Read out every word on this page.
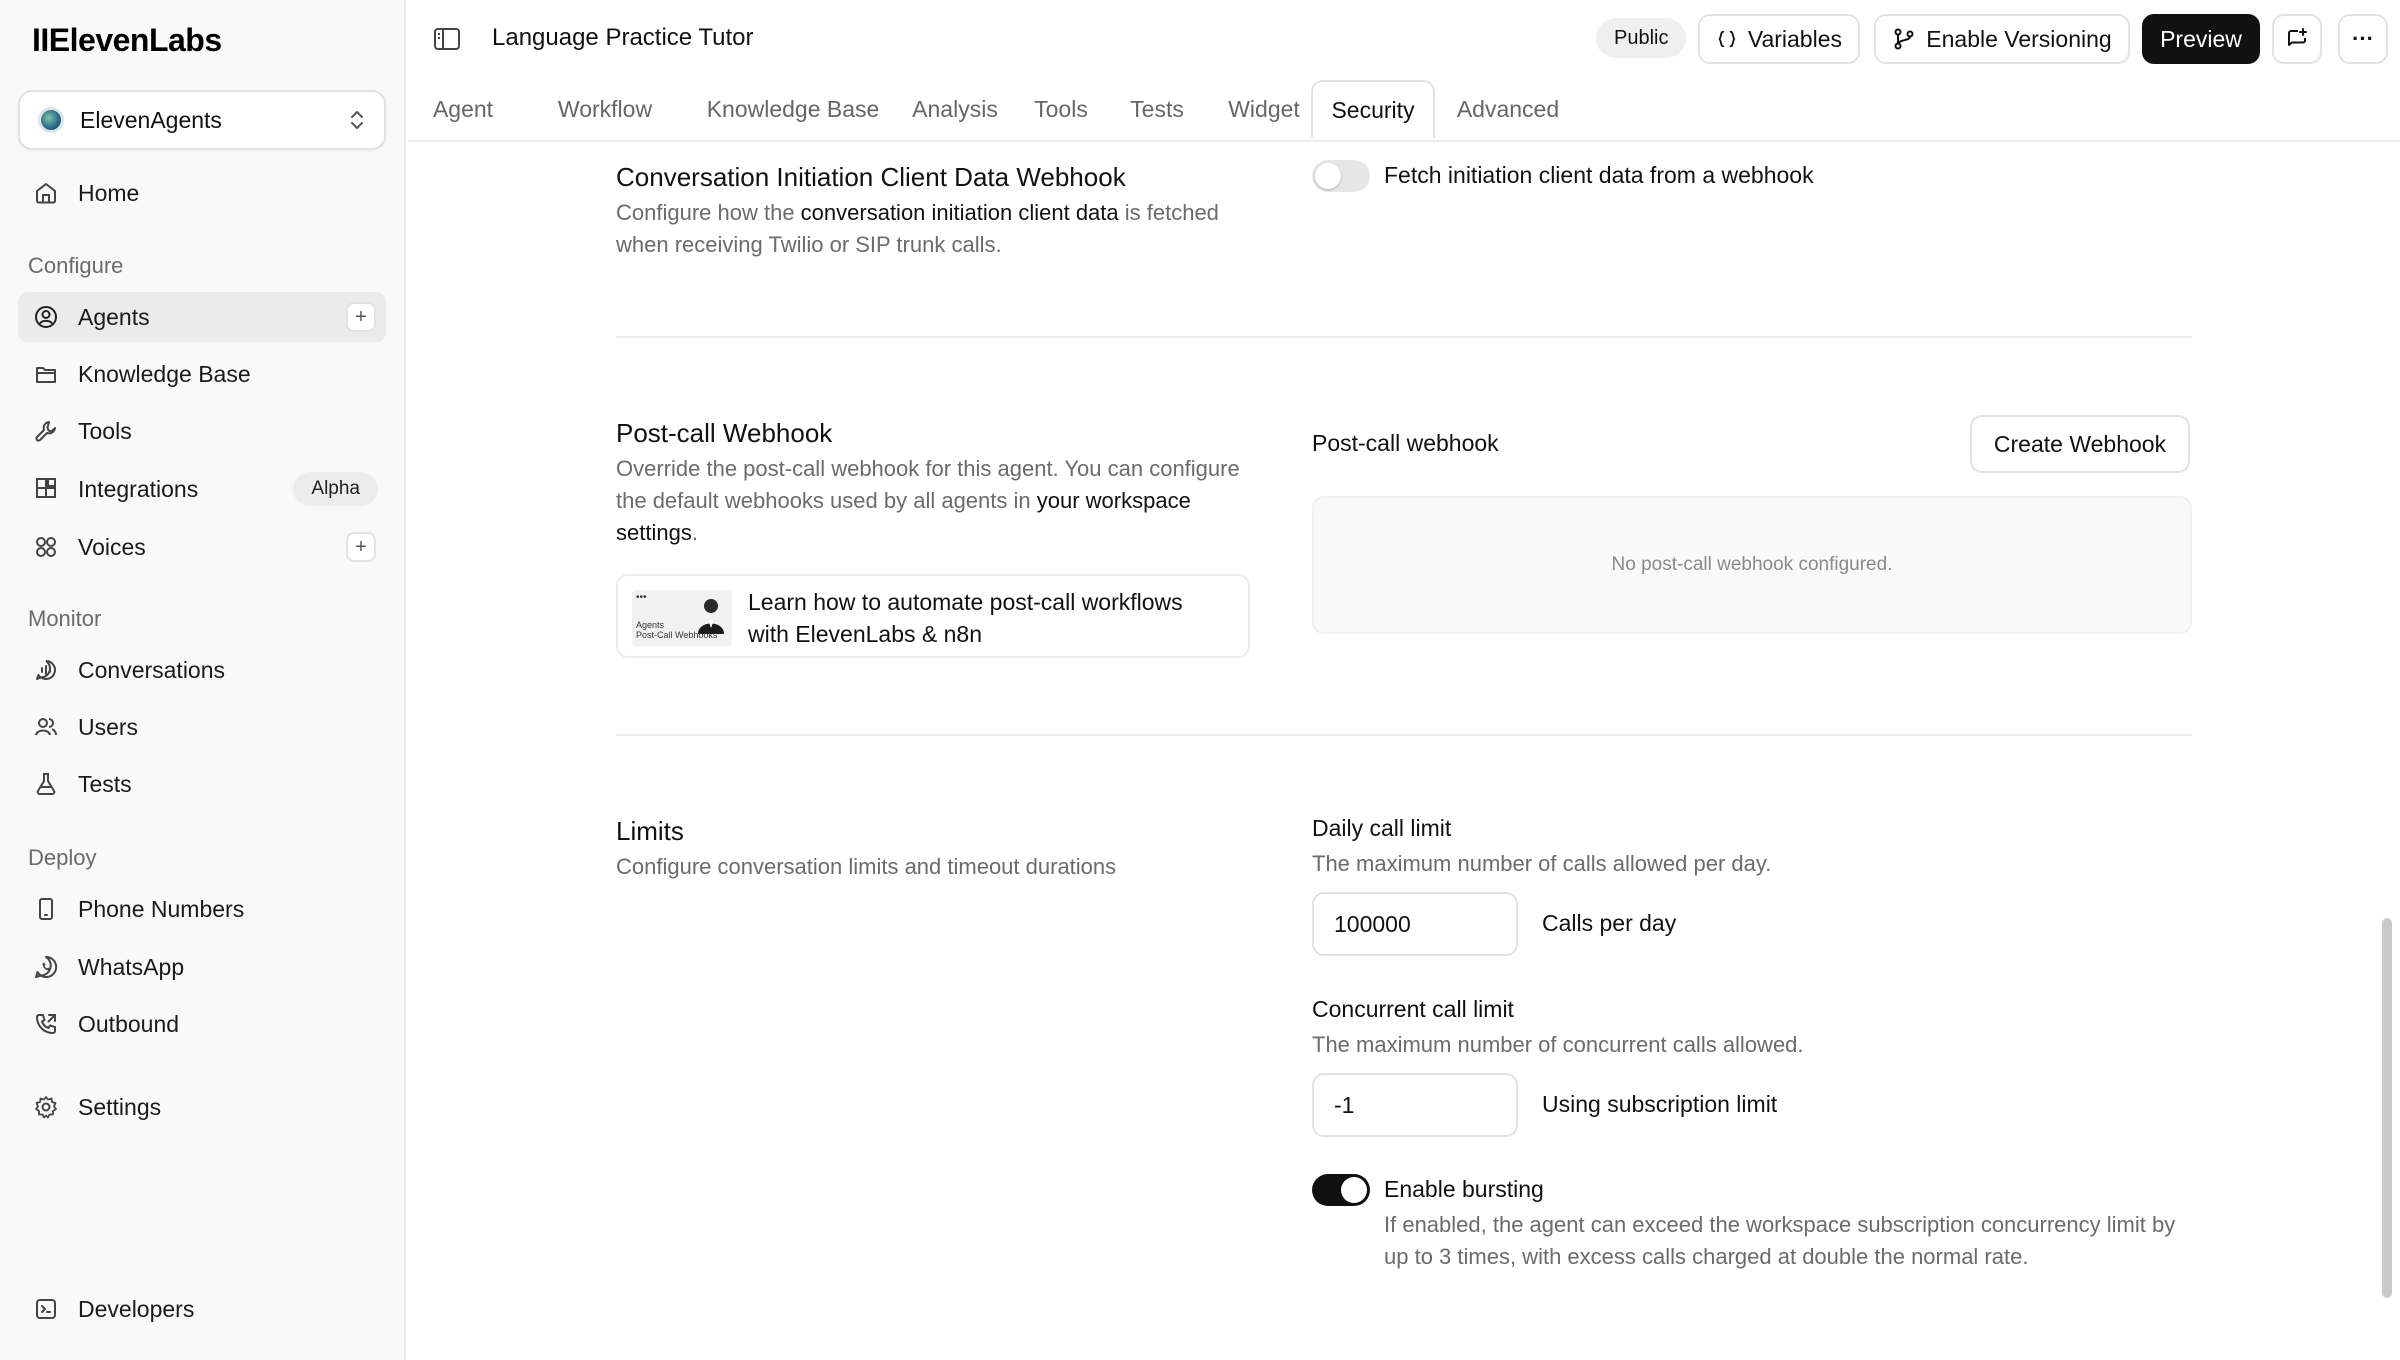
IIElevenLabs
ElevenAgents
Home
Configure
Agents	+
Knowledge Base
Tools
Integrations	Alpha
Voices	+
Monitor
Conversations
Users
Tests
Deploy
Phone Numbers
WhatsApp
Outbound
Settings
Developers
Language Practice Tutor	Public	Variables	Enable Versioning	Preview	···
Agent	Workflow	Knowledge Base	Analysis	Tools	Tests	Widget	Security	Advanced
Conversation Initiation Client Data Webhook
Configure how the conversation initiation client data is fetched when receiving Twilio or SIP trunk calls.
Fetch initiation client data from a webhook
Post-call Webhook
Override the post-call webhook for this agent. You can configure the default webhooks used by all agents in your workspace settings.
•••
Agents
Post-Call Webhooks
Learn how to automate post-call workflows with ElevenLabs & n8n
Post-call webhook	Create Webhook
No post-call webhook configured.
Limits
Configure conversation limits and timeout durations
Daily call limit
The maximum number of calls allowed per day.
100000	Calls per day
Concurrent call limit
The maximum number of concurrent calls allowed.
-1	Using subscription limit
Enable bursting
If enabled, the agent can exceed the workspace subscription concurrency limit by up to 3 times, with excess calls charged at double the normal rate.
